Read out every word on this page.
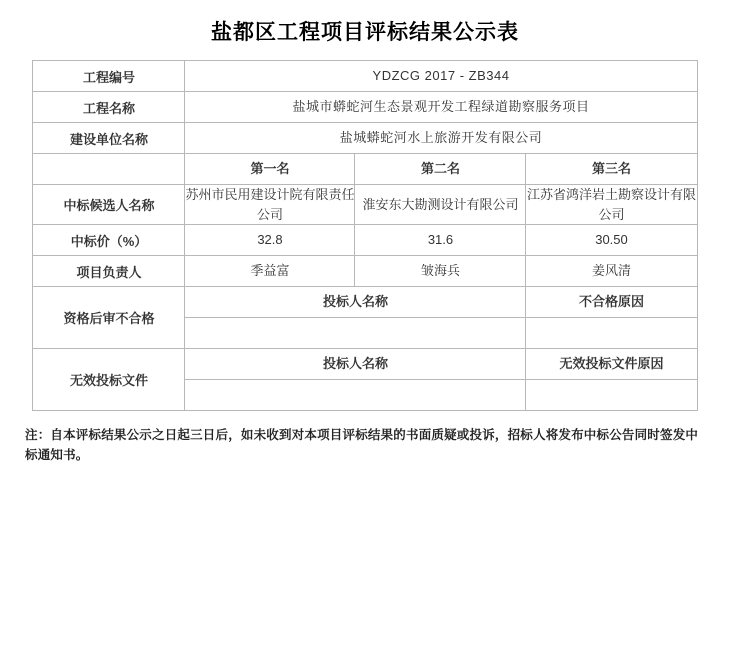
盐都区工程项目评标结果公示表
工程编号	YDZCG 2017 - ZB344		
工程名称	盐城市蟒蛇河生态景观开发工程绿道勘察服务项目		
建设单位名称	盐城蟒蛇河水上旅游开发有限公司		
	第一名	第二名	第三名
中标候选人名称	苏州市民用建设计院有限责任公司	淮安东大勘测设计有限公司	江苏省鸿洋岩土勘察设计有限公司
中标价（%）	32.8	31.6	30.50
项目负责人	季益富	皱海兵	姜风清
资格后审不合格	投标人名称		不合格原因

无效投标文件	投标人名称		无效投标文件原因

注：自本评标结果公示之日起三日后，如未收到对本项目评标结果的书面质疑或投诉，招标人将发布中标公告同时签发中标通知书。
